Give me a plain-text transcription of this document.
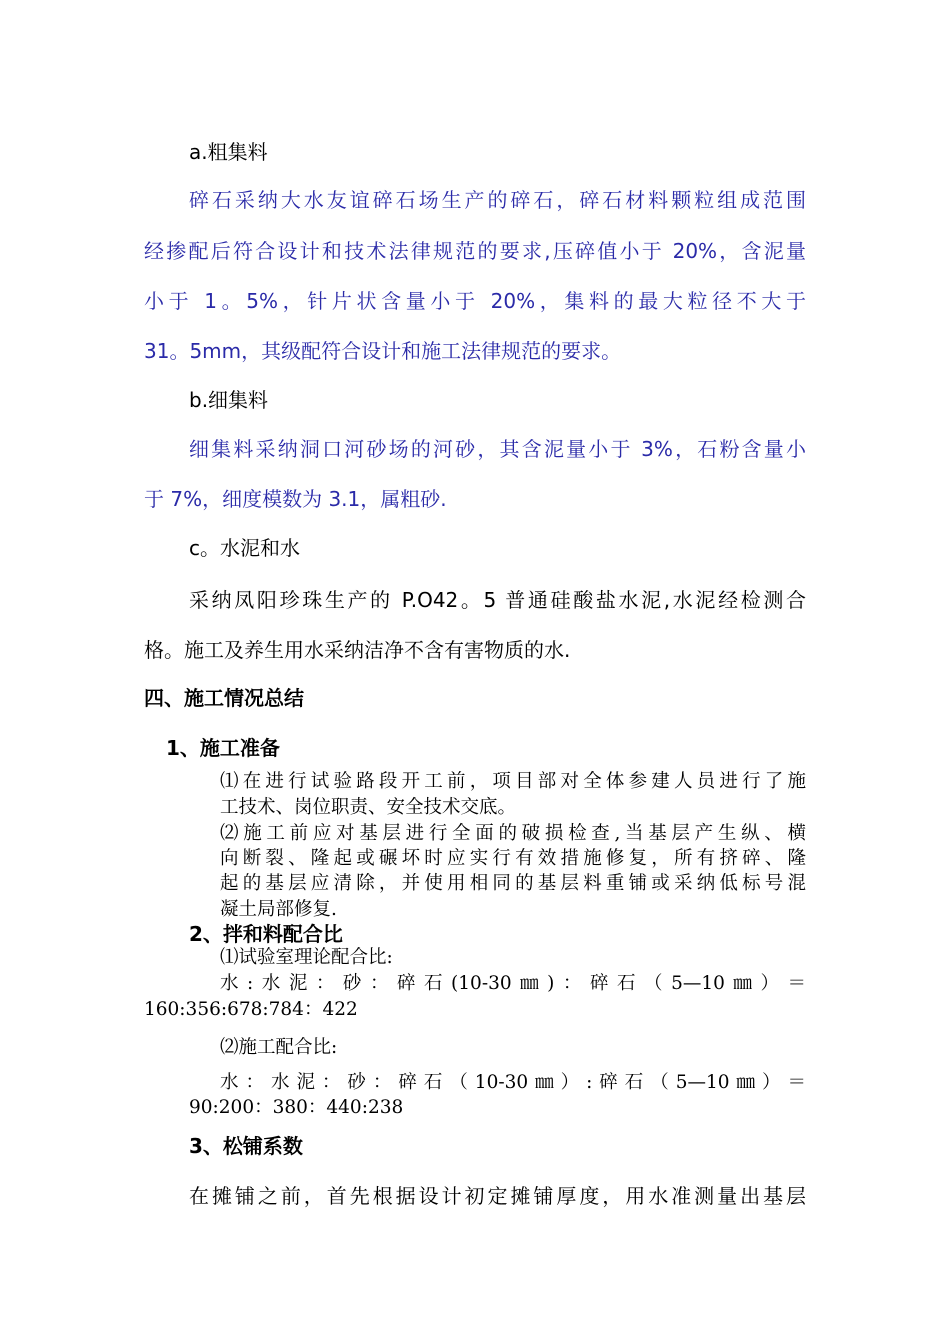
a.粗集料

碎石采纳大水友谊碎石场生产的碎石，碎石材料颗粒组成范围

经掺配后符合设计和技术法律规范的要求,压碎值小于 20%，含泥量

小于 1。5%，针片状含量小于 20%，集料的最大粒径不大于

31。5mm，其级配符合设计和施工法律规范的要求。

b.细集料

细集料采纳洞口河砂场的河砂，其含泥量小于 3%，石粉含量小

于 7%，细度模数为 3.1，属粗砂.

c。水泥和水

采纳凤阳珍珠生产的 P.O42。5 普通硅酸盐水泥,水泥经检测合

格。施工及养生用水采纳洁净不含有害物质的水.

四、施工情况总结

1、施工准备

⑴在进行试验路段开工前，项目部对全体参建人员进行了施

工技术、岗位职责、安全技术交底。

⑵施工前应对基层进行全面的破损检查,当基层产生纵、横

向断裂、隆起或碾坏时应实行有效措施修复，所有挤碎、隆

起的基层应清除，并使用相同的基层料重铺或采纳低标号混

凝土局部修复.

2、拌和料配合比

⑴试验室理论配合比:

水:水泥：砂：碎石(10-30㎜)：碎石（5—10㎜）＝

160:356:678:784：422

⑵施工配合比:

水：水泥：砂：碎石（10-30㎜）:碎石（5—10㎜）＝

90:200：380：440:238

3、松铺系数

在摊铺之前，首先根据设计初定摊铺厚度，用水准测量出基层
